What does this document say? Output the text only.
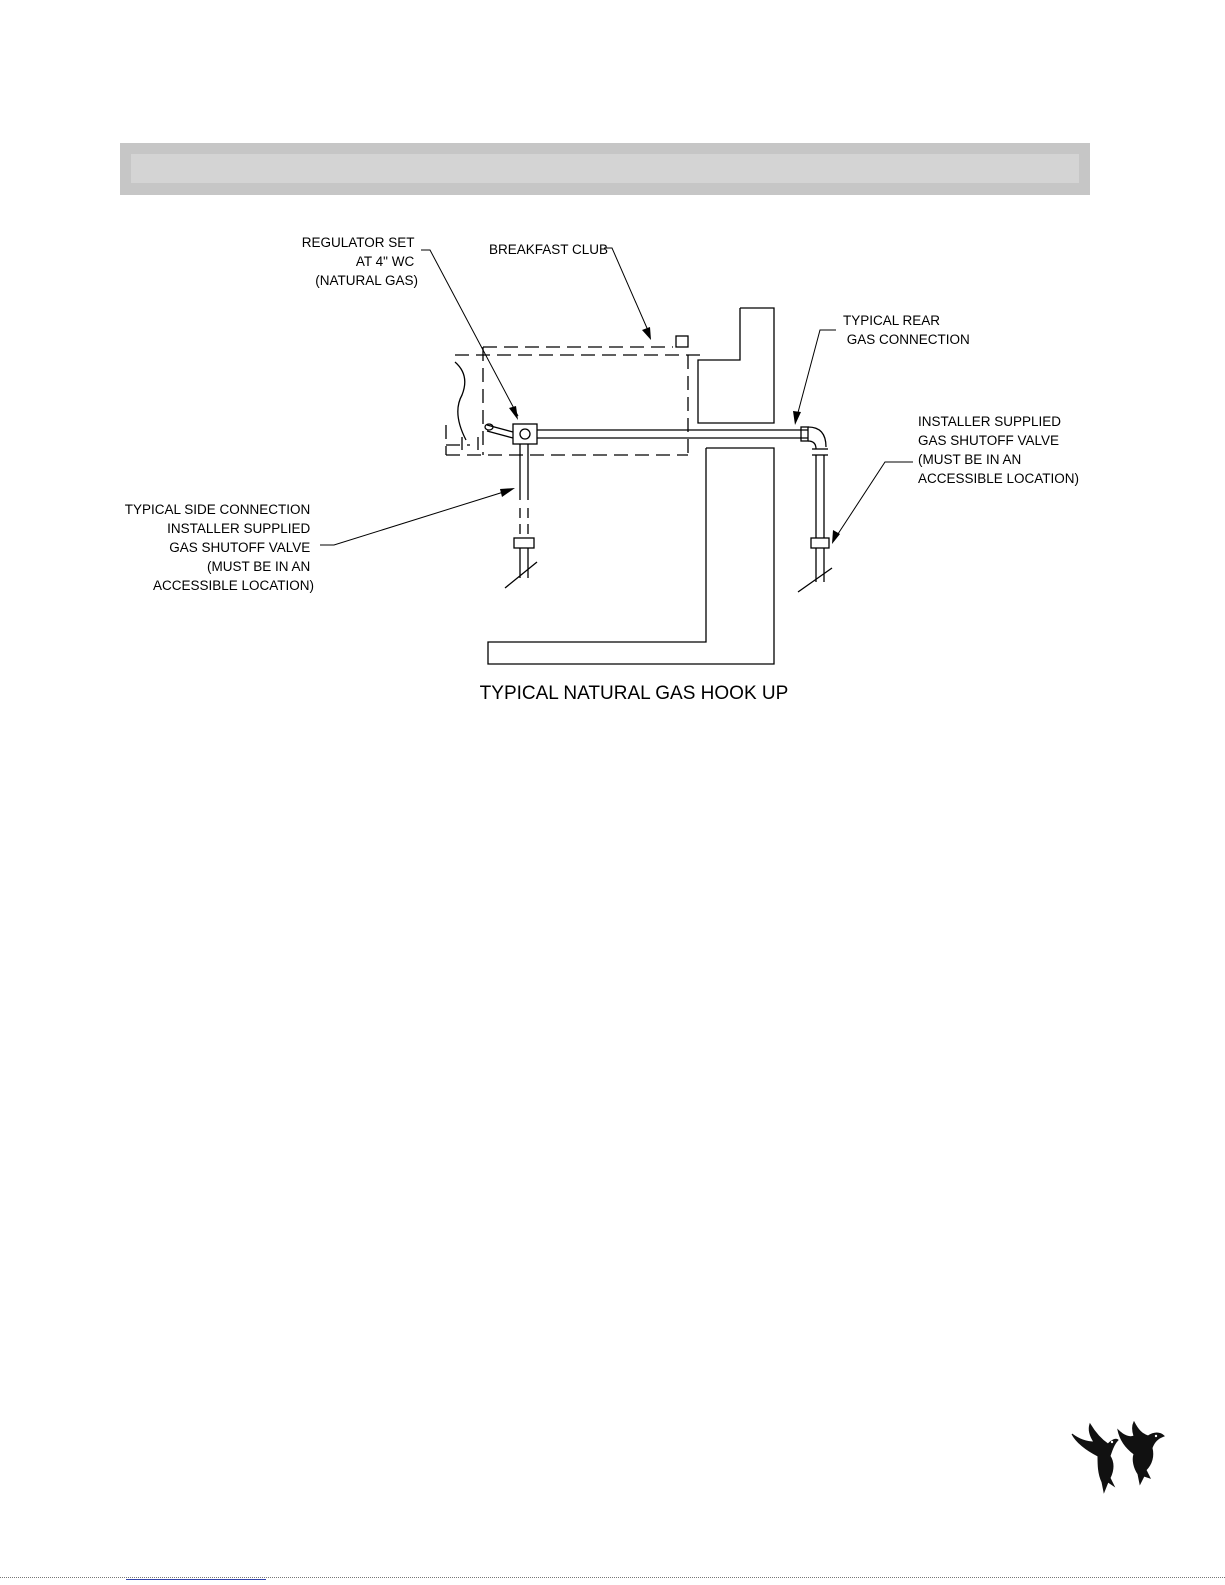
REGULATOR SET AT 4" WC (NATURAL GAS)
BREAKFAST CLUB
TYPICAL REAR  GAS CONNECTION
INSTALLER SUPPLIED GAS SHUTOFF VALVE (MUST BE IN AN ACCESSIBLE LOCATION)
TYPICAL SIDE CONNECTION INSTALLER SUPPLIED GAS SHUTOFF VALVE (MUST BE IN AN ACCESSIBLE LOCATION)
TYPICAL NATURAL GAS HOOK UP
